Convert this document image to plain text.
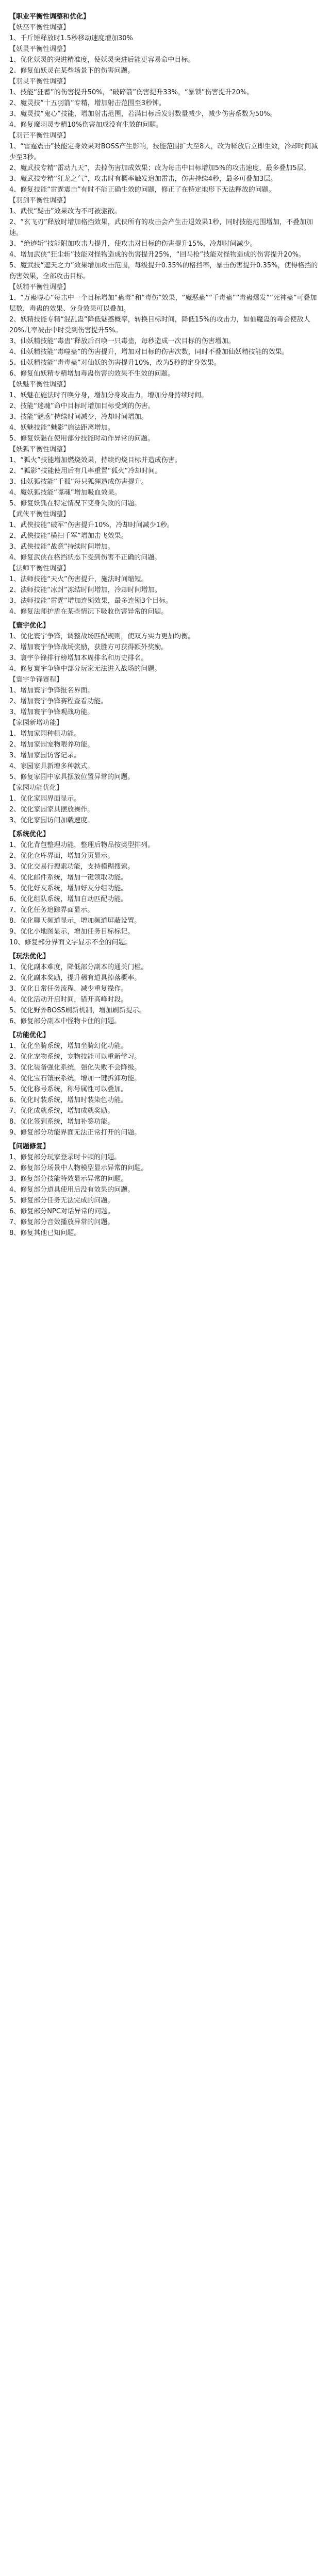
【职业平衡性调整和优化】
【妖巫平衡性调整】
1、千斤锤释放时1.5秒移动速度增加30%
【妖灵平衡性调整】
1、优化妖灵的突进精准度，使妖灵突进后能更容易命中目标。
2、修复仙妖灵在某些场景下的伤害问题。
【羽灵平衡性调整】
1、技能“狂蓄”的伤害提升50%，“破碎箭”伤害提升33%，“暴锁”伤害提升20%。
2、魔灵技“十五羽箭”专精，增加射击范围至3秒钟。
3、魔灵技“鬼心”技能，增加射击范围，若满目标后发射数量减少，减少伤害系数为50%。
4、修复魔羽灵专精10%伤害加成没有生效的问题。
【羽芒平衡性调整】
1、“雷霆震击”技能定身效果对BOSS产生影响，技能范围扩大至8人，改为释放后立即生效，冷却时间减少至3秒。
2、魔武技专精“雷动九天”，去掉伤害加成效果；改为每击中目标增加5%的攻击速度，最多叠加5层。
3、魔武技专精“狂龙之气”，攻击时有概率触发追加雷击，伤害持续4秒，最多可叠加3层。
4、修复技能“雷霆震击”有时不能正确生效的问题，修正了在特定地形下无法释放的问题。
【羽剑平衡性调整】
1、武侠“疑击”效果改为不可被驱散。
2、“玄飞刃”释放时增加格挡效果，武侠所有的攻击会产生击退效果1秒，同时技能范围增加，不叠加加速。
3、“绝迹斩”技能附加攻击力提升，使攻击对目标的伤害提升15%，冷却时间减少。
4、增加武侠“狂尘斩”技能对怪物造成的伤害提升25%，“回马枪”技能对怪物造成的伤害提升20%。
5、魔武技“遮天之力”效果增加攻击范围，每级提升0.35%的格挡率，暴击伤害提升0.35%，使得格挡的伤害效果，全部攻击目标。
【妖精平衡性调整】
1、“万蛊噬心”每击中一个目标增加“蛊毒”和“毒伤”效果，“魔恶蛊”“千毒蛊”“毒蛊爆发”“死神蛊”可叠加层数，毒蛊的效果、分身效果可以叠加。
2、妖精技能专精“混乱蛊”降低魅惑概率，转换目标时间，降低15%的攻击力，如仙魔蛊的毒会使敌人20%几率被击中时受到伤害提升5%。
3、仙妖精技能“毒蛊”释放后召唤一只毒蛊，每秒造成一次目标的伤害增加。
4、仙妖精技能“毒噬蛊”的伤害提升，增加对目标的伤害次数，同时不叠加仙妖精技能的效果。
5、仙妖精技能“毒毒蛊”对仙妖的伤害提升10%，改为5秒的定身效果。
6、修复仙妖精专精增加毒蛊伤害的效果不生效的问题。
【妖魅平衡性调整】
1、妖魅在施法时召唤分身，增加分身攻击力，增加分身持续时间。
2、技能“迷魂”命中目标时增加目标受到的伤害。
3、技能“魅惑”持续时间减少，冷却时间增加。
4、妖魅技能“魅影”施法距离增加。
5、修复妖魅在使用部分技能时动作异常的问题。
【妖狐平衡性调整】
1、“狐火”技能增加燃烧效果，持续灼烧目标并造成伤害。
2、“狐影”技能使用后有几率重置“狐火”冷却时间。
3、仙妖狐技能“千狐”每只狐狸造成伤害提升。
4、魔妖狐技能“噬魂”增加吸血效果。
5、修复妖狐在特定情况下变身失败的问题。
【武侠平衡性调整】
1、武侠技能“破军”伤害提升10%，冷却时间减少1秒。
2、武侠技能“横扫千军”增加击飞效果。
3、武侠技能“战意”持续时间增加。
4、修复武侠在格挡状态下受到伤害不正确的问题。
【法师平衡性调整】
1、法师技能“天火”伤害提升，施法时间缩短。
2、法师技能“冰封”冻结时间增加，冷却时间增加。
3、法师技能“雷霆”增加连锁效果，最多连锁3个目标。
4、修复法师护盾在某些情况下吸收伤害异常的问题。
【寰宇优化】
1、优化寰宇争锋，调整战场匹配规则，使双方实力更加均衡。
2、增加寰宇争锋战场奖励，获胜方可获得额外奖励。
3、寰宇争锋排行榜增加本周排名和历史排名。
4、修复寰宇争锋中部分玩家无法进入战场的问题。
【寰宇争锋赛程】
1、增加寰宇争锋报名界面。
2、增加寰宇争锋赛程查看功能。
3、增加寰宇争锋观战功能。
【家园新增功能】
1、增加家园种植功能。
2、增加家园宠物喂养功能。
3、增加家园访客记录。
4、家园家具新增多种款式。
5、修复家园中家具摆放位置异常的问题。
【家园功能优化】
1、优化家园界面显示。
2、优化家园家具摆放操作。
3、优化家园访问加载速度。
【系统优化】
1、优化背包整理功能，整理后物品按类型排列。
2、优化仓库界面，增加分页显示。
3、优化交易行搜索功能，支持模糊搜索。
4、优化邮件系统，增加一键领取功能。
5、优化好友系统，增加好友分组功能。
6、优化组队系统，增加自动匹配功能。
7、优化任务追踪界面显示。
8、优化聊天频道显示，增加频道屏蔽设置。
9、优化小地图显示，增加任务目标标记。
10、修复部分界面文字显示不全的问题。
【玩法优化】
1、优化副本难度，降低部分副本的通关门槛。
2、优化副本奖励，提升稀有道具掉落概率。
3、优化日常任务流程，减少重复操作。
4、优化活动开启时间，错开高峰时段。
5、优化野外BOSS刷新机制，增加刷新提示。
6、修复部分副本中怪物卡住的问题。
【功能优化】
1、优化坐骑系统，增加坐骑幻化功能。
2、优化宠物系统，宠物技能可以重新学习。
3、优化装备强化系统，强化失败不会降级。
4、优化宝石镶嵌系统，增加一键拆卸功能。
5、优化称号系统，称号属性可以叠加。
6、优化时装系统，增加时装染色功能。
7、优化成就系统，增加成就奖励。
8、优化签到系统，增加补签功能。
9、修复部分功能界面无法正常打开的问题。
【问题修复】
1、修复部分玩家登录时卡顿的问题。
2、修复部分场景中人物模型显示异常的问题。
3、修复部分技能特效显示异常的问题。
4、修复部分道具使用后没有效果的问题。
5、修复部分任务无法完成的问题。
6、修复部分NPC对话异常的问题。
7、修复部分音效播放异常的问题。
8、修复其他已知问题。
